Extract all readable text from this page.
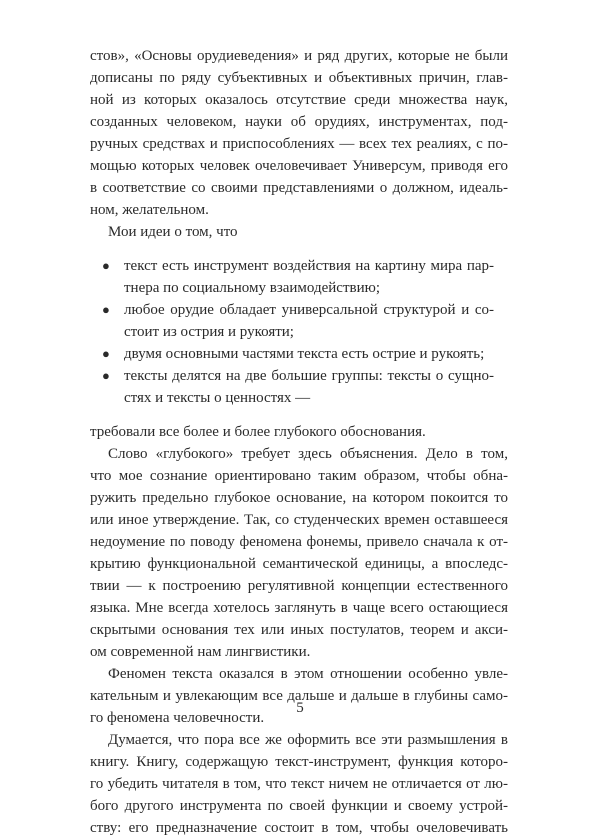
стов», «Основы орудиеведения» и ряд других, которые не были
дописаны по ряду субъективных и объективных причин, глав-
ной из которых оказалось отсутствие среди множества наук,
созданных человеком, науки об орудиях, инструментах, под-
ручных средствах и приспособлениях — всех тех реалиях, с по-
мощью которых человек очеловечивает Универсум, приводя его
в соответствие со своими представлениями о должном, идеаль-
ном, желательном.
Мои идеи о том, что
● текст есть инструмент воздействия на картину мира пар-
тнера по социальному взаимодействию;
● любое орудие обладает универсальной структурой и со-
стоит из острия и рукояти;
● двумя основными частями текста есть острие и рукоять;
● тексты делятся на две большие группы: тексты о сущно-
стях и тексты о ценностях —
требовали все более и более глубокого обоснования.
Слово «глубокого» требует здесь объяснения. Дело в том,
что мое сознание ориентировано таким образом, чтобы обна-
ружить предельно глубокое основание, на котором покоится то
или иное утверждение. Так, со студенческих времен оставшееся
недоумение по поводу феномена фонемы, привело сначала к от-
крытию функциональной семантической единицы, а впоследс-
твии — к построению регулятивной концепции естественного
языка. Мне всегда хотелось заглянуть в чаще всего остающиеся
скрытыми основания тех или иных постулатов, теорем и акси-
ом современной нам лингвистики.
Феномен текста оказался в этом отношении особенно увле-
кательным и увлекающим все дальше и дальше в глубины само-
го феномена человечности.
Думается, что пора все же оформить все эти размышления в
книгу. Книгу, содержащую текст-инструмент, функция которо-
го убедить читателя в том, что текст ничем не отличается от лю-
бого другого инструмента по своей функции и своему устрой-
ству: его предназначение состоит в том, чтобы очеловечивать
5
